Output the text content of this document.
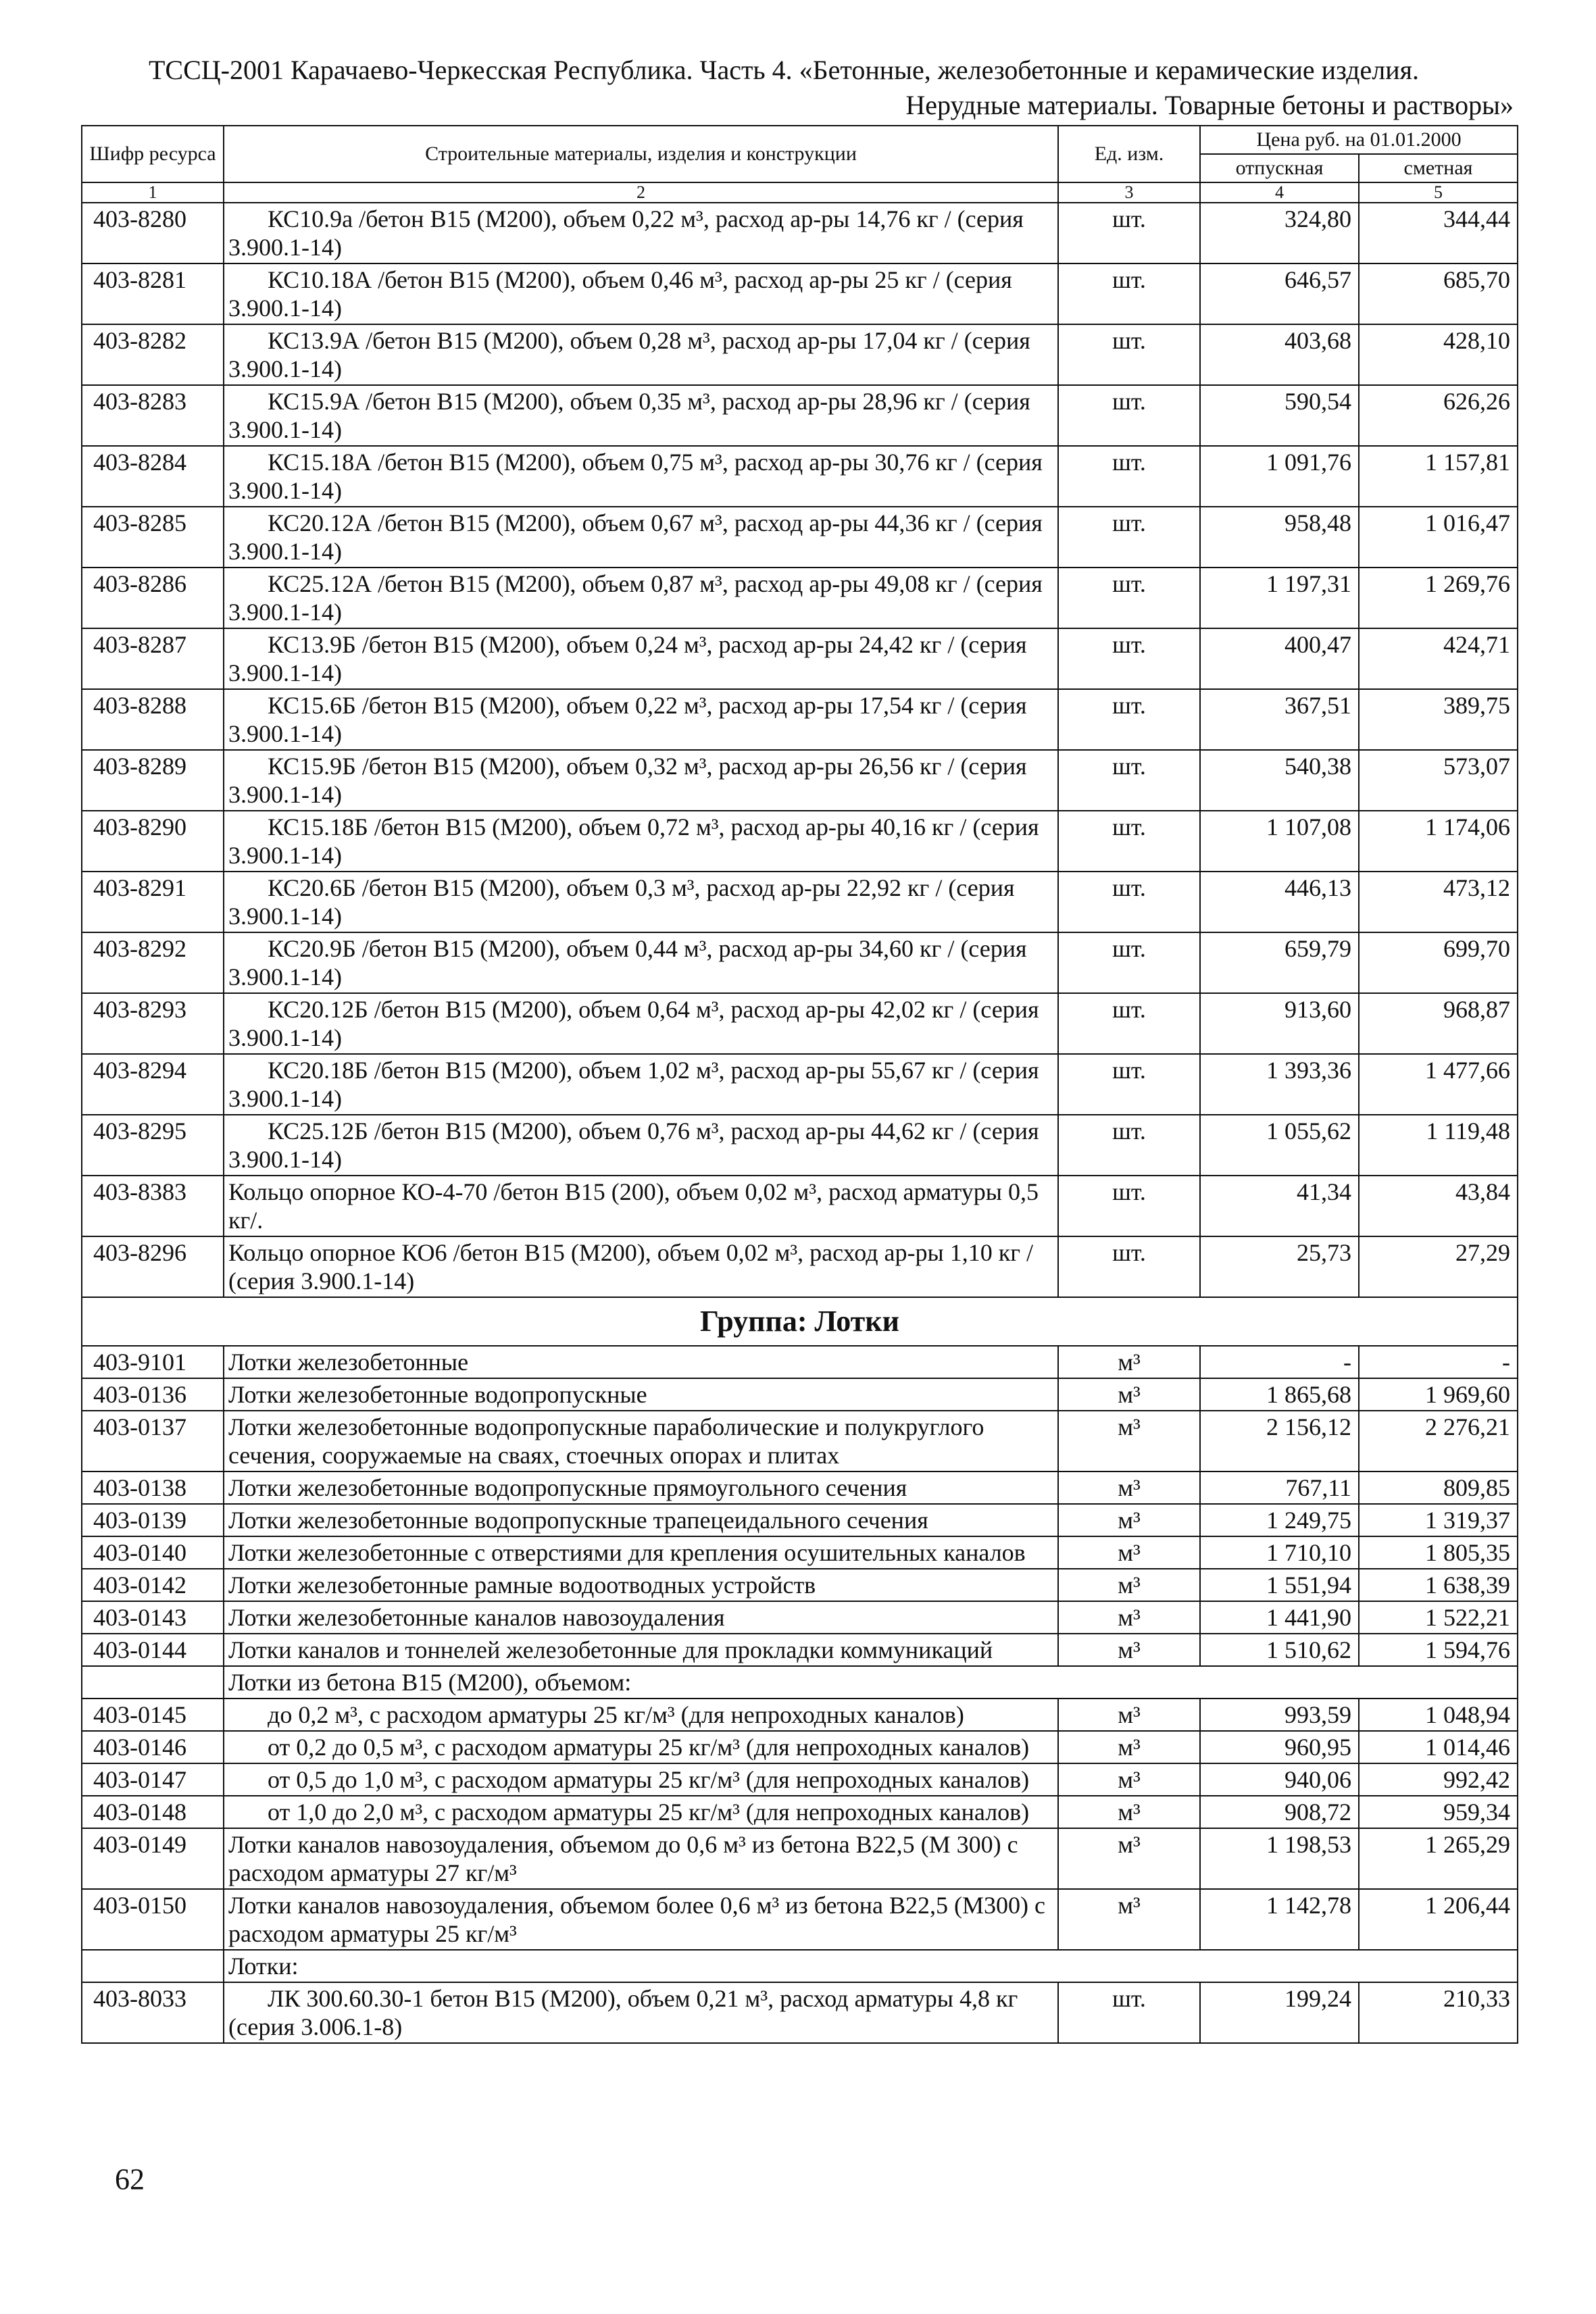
ТССЦ-2001 Карачаево-Черкесская Республика. Часть 4. «Бетонные, железобетонные и керамические изделия.
Нерудные материалы. Товарные бетоны и растворы»
Шифр ресурса	Строительные материалы, изделия и конструкции	Ед. изм.	Цена руб. на 01.01.2000	
			отпускная	сметная
1	2	3	4	5
403-8280	КС10.9а /бетон В15 (М200), объем 0,22 м³, расход ар-ры 14,76 кг / (серия 3.900.1-14)	шт.	324,80	344,44
403-8281	КС10.18А /бетон В15 (М200), объем 0,46 м³, расход ар-ры 25 кг / (серия 3.900.1-14)	шт.	646,57	685,70
403-8282	КС13.9А /бетон В15 (М200), объем 0,28 м³, расход ар-ры 17,04 кг / (серия 3.900.1-14)	шт.	403,68	428,10
403-8283	КС15.9А /бетон В15 (М200), объем 0,35 м³, расход ар-ры 28,96 кг / (серия 3.900.1-14)	шт.	590,54	626,26
403-8284	КС15.18А /бетон В15 (М200), объем 0,75 м³, расход ар-ры 30,76 кг / (серия 3.900.1-14)	шт.	1 091,76	1 157,81
403-8285	КС20.12А /бетон В15 (М200), объем 0,67 м³, расход ар-ры 44,36 кг / (серия 3.900.1-14)	шт.	958,48	1 016,47
403-8286	КС25.12А /бетон В15 (М200), объем 0,87 м³, расход ар-ры 49,08 кг / (серия 3.900.1-14)	шт.	1 197,31	1 269,76
403-8287	КС13.9Б /бетон В15 (М200), объем 0,24 м³, расход ар-ры 24,42 кг / (серия 3.900.1-14)	шт.	400,47	424,71
403-8288	КС15.6Б /бетон В15 (М200), объем 0,22 м³, расход ар-ры 17,54 кг / (серия 3.900.1-14)	шт.	367,51	389,75
403-8289	КС15.9Б /бетон В15 (М200), объем 0,32 м³, расход ар-ры 26,56 кг / (серия 3.900.1-14)	шт.	540,38	573,07
403-8290	КС15.18Б /бетон В15 (М200), объем 0,72 м³, расход ар-ры 40,16 кг / (серия 3.900.1-14)	шт.	1 107,08	1 174,06
403-8291	КС20.6Б /бетон В15 (М200), объем 0,3 м³, расход ар-ры 22,92 кг / (серия 3.900.1-14)	шт.	446,13	473,12
403-8292	КС20.9Б /бетон В15 (М200), объем 0,44 м³, расход ар-ры 34,60 кг / (серия 3.900.1-14)	шт.	659,79	699,70
403-8293	КС20.12Б /бетон В15 (М200), объем 0,64 м³, расход ар-ры 42,02 кг / (серия 3.900.1-14)	шт.	913,60	968,87
403-8294	КС20.18Б /бетон В15 (М200), объем 1,02 м³, расход ар-ры 55,67 кг / (серия 3.900.1-14)	шт.	1 393,36	1 477,66
403-8295	КС25.12Б /бетон В15 (М200), объем 0,76 м³, расход ар-ры 44,62 кг / (серия 3.900.1-14)	шт.	1 055,62	1 119,48
403-8383	Кольцо опорное КО-4-70 /бетон В15 (200), объем 0,02 м³, расход арматуры 0,5 кг/.	шт.	41,34	43,84
403-8296	Кольцо опорное КО6 /бетон В15 (М200), объем 0,02 м³, расход ар-ры 1,10 кг / (серия 3.900.1-14)	шт.	25,73	27,29
Группа: Лотки				
403-9101	Лотки железобетонные	м³	-	-
403-0136	Лотки железобетонные водопропускные	м³	1 865,68	1 969,60
403-0137	Лотки железобетонные водопропускные параболические и полукруглого сечения, сооружаемые на сваях, стоечных опорах и плитах	м³	2 156,12	2 276,21
403-0138	Лотки железобетонные водопропускные прямоугольного сечения	м³	767,11	809,85
403-0139	Лотки железобетонные водопропускные трапецеидального сечения	м³	1 249,75	1 319,37
403-0140	Лотки железобетонные с отверстиями для крепления осушительных каналов	м³	1 710,10	1 805,35
403-0142	Лотки железобетонные рамные водоотводных устройств	м³	1 551,94	1 638,39
403-0143	Лотки железобетонные каналов навозоудаления	м³	1 441,90	1 522,21
403-0144	Лотки каналов и тоннелей железобетонные для прокладки коммуникаций	м³	1 510,62	1 594,76
	Лотки из бетона В15 (М200), объемом:			
403-0145	до 0,2 м³, с расходом арматуры 25 кг/м³ (для непроходных каналов)	м³	993,59	1 048,94
403-0146	от 0,2 до 0,5 м³, с расходом арматуры 25 кг/м³ (для непроходных каналов)	м³	960,95	1 014,46
403-0147	от 0,5 до 1,0 м³, с расходом арматуры 25 кг/м³ (для непроходных каналов)	м³	940,06	992,42
403-0148	от 1,0 до 2,0 м³, с расходом арматуры 25 кг/м³ (для непроходных каналов)	м³	908,72	959,34
403-0149	Лотки каналов навозоудаления, объемом до 0,6 м³ из бетона В22,5 (М 300) с расходом арматуры 27 кг/м³	м³	1 198,53	1 265,29
403-0150	Лотки каналов навозоудаления, объемом более 0,6 м³ из бетона В22,5 (М300) с расходом арматуры 25 кг/м³	м³	1 142,78	1 206,44
	Лотки:			
403-8033	ЛК 300.60.30-1 бетон В15 (М200), объем 0,21 м³, расход арматуры 4,8 кг (серия 3.006.1-8)	шт.	199,24	210,33
62
